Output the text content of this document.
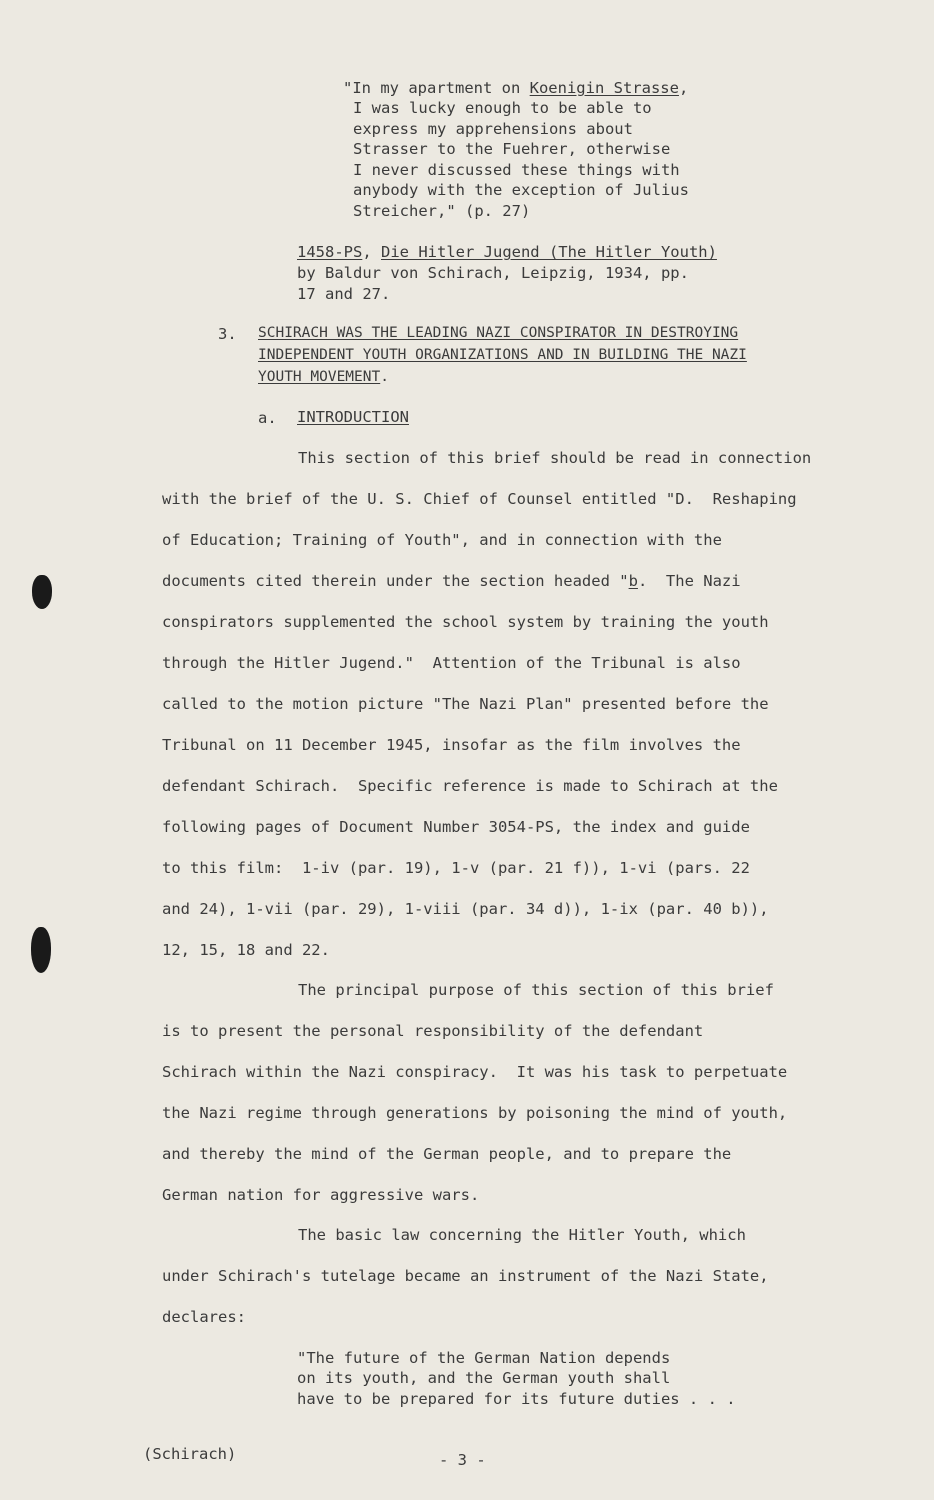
"In my apartment on Koenigin Strasse,
I was lucky enough to be able to
express my apprehensions about
Strasser to the Fuehrer, otherwise
I never discussed these things with
anybody with the exception of Julius
Streicher," (p. 27)
1458-PS, Die Hitler Jugend (The Hitler Youth)
by Baldur von Schirach, Leipzig, 1934, pp.
17 and 27.
3. SCHIRACH WAS THE LEADING NAZI CONSPIRATOR IN DESTROYING
INDEPENDENT YOUTH ORGANIZATIONS AND IN BUILDING THE NAZI
YOUTH MOVEMENT.
a. INTRODUCTION
This section of this brief should be read in connection
with the brief of the U. S. Chief of Counsel entitled "D.  Reshaping
of Education; Training of Youth", and in connection with the
documents cited therein under the section headed "b.  The Nazi
conspirators supplemented the school system by training the youth
through the Hitler Jugend."  Attention of the Tribunal is also
called to the motion picture "The Nazi Plan" presented before the
Tribunal on 11 December 1945, insofar as the film involves the
defendant Schirach.  Specific reference is made to Schirach at the
following pages of Document Number 3054-PS, the index and guide
to this film:  1-iv (par. 19), 1-v (par. 21 f)), 1-vi (pars. 22
and 24), 1-vii (par. 29), 1-viii (par. 34 d)), 1-ix (par. 40 b)),
12, 15, 18 and 22.
The principal purpose of this section of this brief
is to present the personal responsibility of the defendant
Schirach within the Nazi conspiracy.  It was his task to perpetuate
the Nazi regime through generations by poisoning the mind of youth,
and thereby the mind of the German people, and to prepare the
German nation for aggressive wars.
The basic law concerning the Hitler Youth, which
under Schirach's tutelage became an instrument of the Nazi State,
declares:
"The future of the German Nation depends
on its youth, and the German youth shall
have to be prepared for its future duties . . .
(Schirach)	- 3 -
